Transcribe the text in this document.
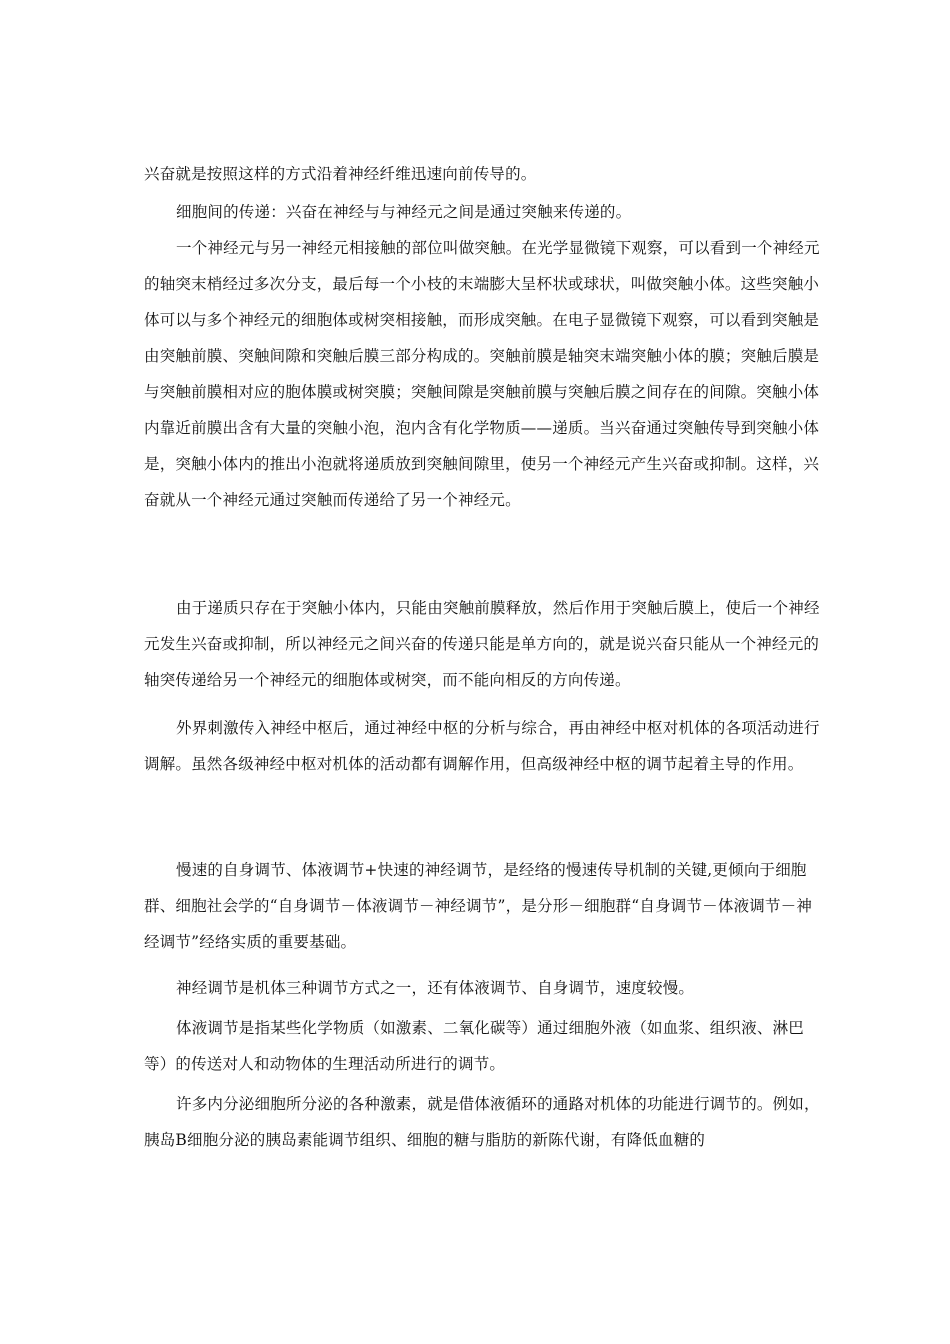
兴奋就是按照这样的方式沿着神经纤维迅速向前传导的。

细胞间的传递：兴奋在神经与与神经元之间是通过突触来传递的。

一个神经元与另一神经元相接触的部位叫做突触。在光学显微镜下观察，可以看到一个神经元的轴突末梢经过多次分支，最后每一个小枝的末端膨大呈杯状或球状，叫做突触小体。这些突触小体可以与多个神经元的细胞体或树突相接触，而形成突触。在电子显微镜下观察，可以看到突触是由突触前膜、突触间隙和突触后膜三部分构成的。突触前膜是轴突末端突触小体的膜；突触后膜是与突触前膜相对应的胞体膜或树突膜；突触间隙是突触前膜与突触后膜之间存在的间隙。突触小体内靠近前膜出含有大量的突触小泡，泡内含有化学物质——递质。当兴奋通过突触传导到突触小体是，突触小体内的推出小泡就将递质放到突触间隙里，使另一个神经元产生兴奋或抑制。这样，兴奋就从一个神经元通过突触而传递给了另一个神经元。

由于递质只存在于突触小体内，只能由突触前膜释放，然后作用于突触后膜上，使后一个神经元发生兴奋或抑制，所以神经元之间兴奋的传递只能是单方向的，就是说兴奋只能从一个神经元的轴突传递给另一个神经元的细胞体或树突，而不能向相反的方向传递。

外界刺激传入神经中枢后，通过神经中枢的分析与综合，再由神经中枢对机体的各项活动进行调解。虽然各级神经中枢对机体的活动都有调解作用，但高级神经中枢的调节起着主导的作用。

慢速的自身调节、体液调节+快速的神经调节，是经络的慢速传导机制的关键,更倾向于细胞群、细胞社会学的“自身调节－体液调节－神经调节”，是分形－细胞群“自身调节－体液调节－神经调节”经络实质的重要基础。

神经调节是机体三种调节方式之一，还有体液调节、自身调节，速度较慢。

体液调节是指某些化学物质（如激素、二氧化碳等）通过细胞外液（如血浆、组织液、淋巴等）的传送对人和动物体的生理活动所进行的调节。

许多内分泌细胞所分泌的各种激素，就是借体液循环的通路对机体的功能进行调节的。例如，胰岛B细胞分泌的胰岛素能调节组织、细胞的糖与脂肪的新陈代谢，有降低血糖的
